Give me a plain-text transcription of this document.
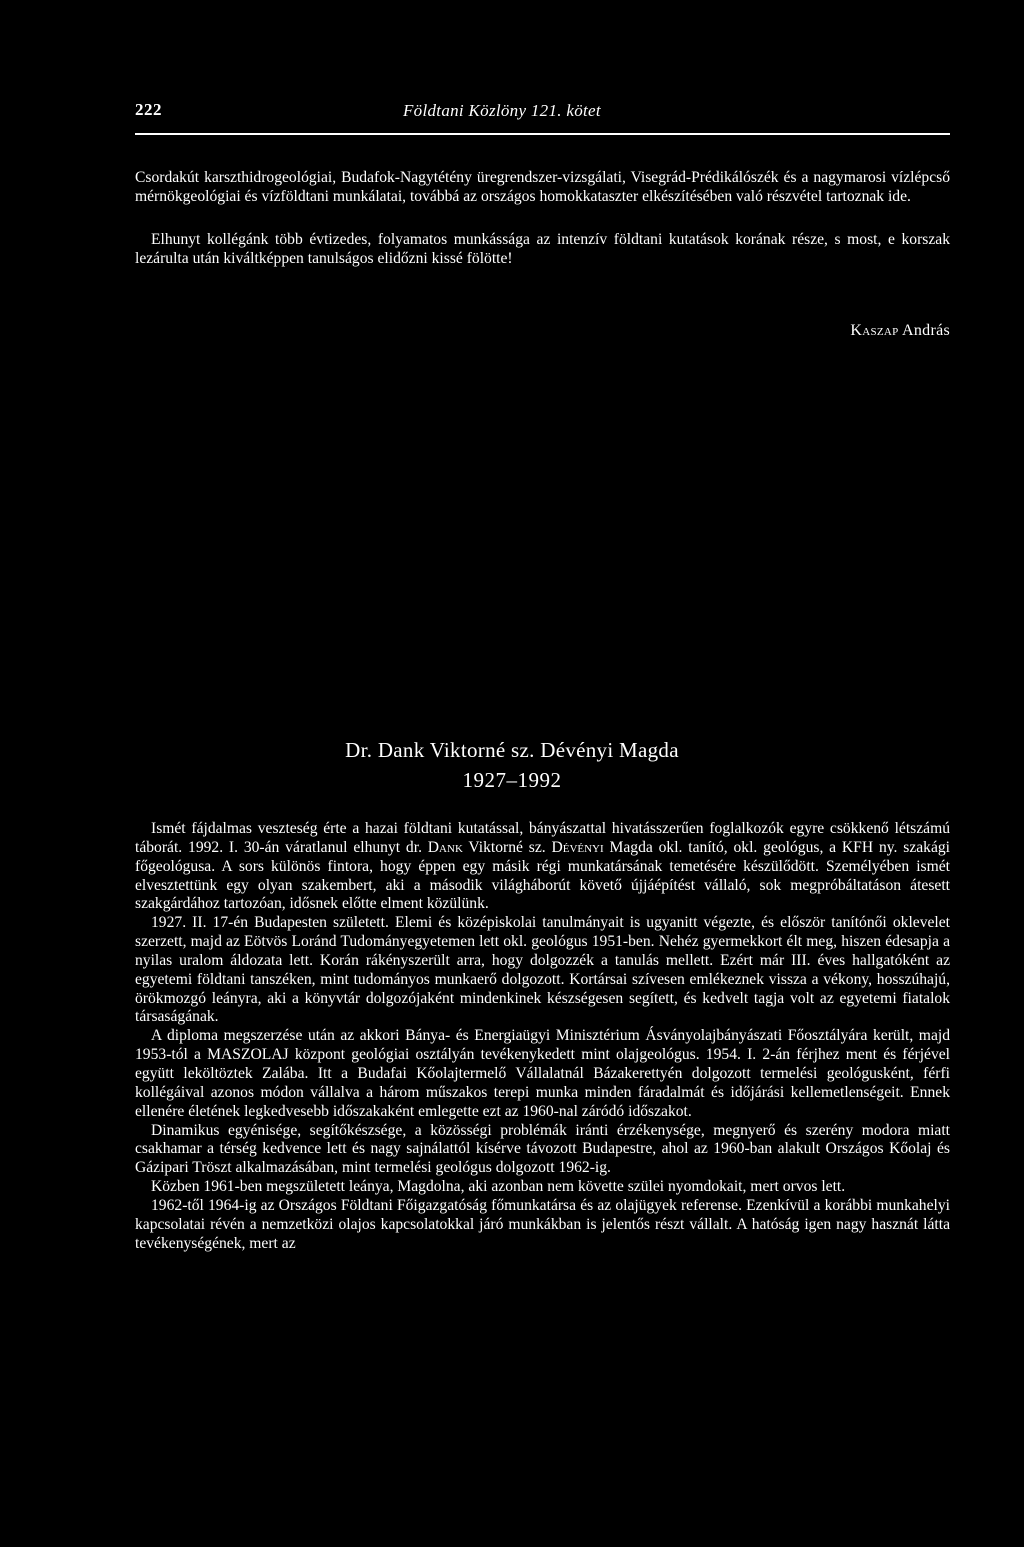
222	Földtani Közlöny 121. kötet

Csordakút karszthidrogeológiai, Budafok-Nagytétény üregrendszer-vizsgálati, Visegrád-Prédikálószék és a nagymarosi vízlépcső mérnökgeológiai és vízföldtani munkálatai, továbbá az országos homokkataszter elkészítésében való részvétel tartoznak ide.

Elhunyt kollégánk több évtizedes, folyamatos munkássága az intenzív földtani kutatások korának része, s most, e korszak lezárulta után kiváltképpen tanulságos elidőzni kissé fölötte!

Kaszap András
Dr. Dank Viktorné sz. Dévényi Magda
1927–1992

Ismét fájdalmas veszteség érte a hazai földtani kutatással, bányászattal hivatásszerűen foglalkozók egyre csökkenő létszámú táborát. 1992. I. 30-án váratlanul elhunyt dr. Dank Viktorné sz. Dévényi Magda okl. tanító, okl. geológus, a KFH ny. szakági főgeológusa. A sors különös fintora, hogy éppen egy másik régi munkatársának temetésére készülődött. Személyében ismét elvesztettünk egy olyan szakembert, aki a második világháborút követő újjáépítést vállaló, sok megpróbáltatáson átesett szakgárdához tartozóan, idősnek előtte elment közülünk.

1927. II. 17-én Budapesten született. Elemi és középiskolai tanulmányait is ugyanitt végezte, és először tanítónői oklevelet szerzett, majd az Eötvös Loránd Tudományegyetemen lett okl. geológus 1951-ben. Nehéz gyermekkort élt meg, hiszen édesapja a nyilas uralom áldozata lett. Korán rákényszerült arra, hogy dolgozzék a tanulás mellett. Ezért már III. éves hallgatóként az egyetemi földtani tanszéken, mint tudományos munkaerő dolgozott. Kortársai szívesen emlékeznek vissza a vékony, hosszúhajú, örökmozgó leányra, aki a könyvtár dolgozójaként mindenkinek készségesen segített, és kedvelt tagja volt az egyetemi fiatalok társaságának.

A diploma megszerzése után az akkori Bánya- és Energiaügyi Minisztérium Ásványolajbányászati Főosztályára került, majd 1953-tól a MASZOLAJ központ geológiai osztályán tevékenykedett mint olajgeológus. 1954. I. 2-án férjhez ment és férjével együtt leköltöztek Zalába. Itt a Budafai Kőolajtermelő Vállalatnál Bázakerettyén dolgozott termelési geológusként, férfi kollégáival azonos módon vállalva a három műszakos terepi munka minden fáradalmát és időjárási kellemetlenségeit. Ennek ellenére életének legkedvesebb időszakaként emlegette ezt az 1960-nal záródó időszakot.

Dinamikus egyénisége, segítőkészsége, a közösségi problémák iránti érzékenysége, megnyerő és szerény modora miatt csakhamar a térség kedvence lett és nagy sajnálattól kísérve távozott Budapestre, ahol az 1960-ban alakult Országos Kőolaj és Gázipari Tröszt alkalmazásában, mint termelési geológus dolgozott 1962-ig.

Közben 1961-ben megszületett leánya, Magdolna, aki azonban nem követte szülei nyomdokait, mert orvos lett.

1962-től 1964-ig az Országos Földtani Főigazgatóság főmunkatársa és az olajügyek referense. Ezenkívül a korábbi munkahelyi kapcsolatai révén a nemzetközi olajos kapcsolatokkal járó munkákban is jelentős részt vállalt. A hatóság igen nagy hasznát látta tevékenységének, mert az
